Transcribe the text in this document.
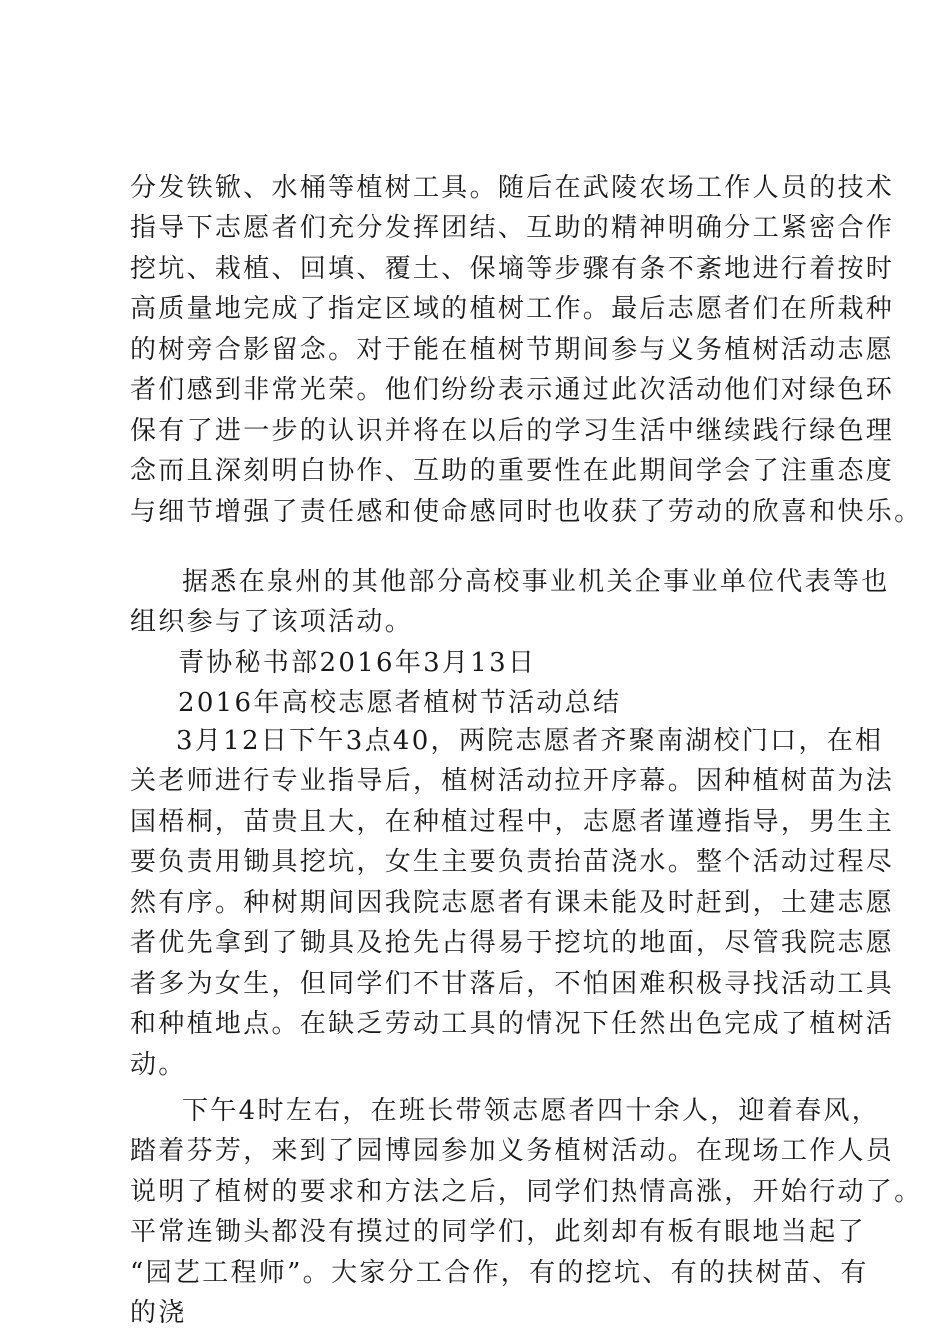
分发铁锨、水桶等植树工具。随后在武陵农场工作人员的技术
指导下志愿者们充分发挥团结、互助的精神明确分工紧密合作
挖坑、栽植、回填、覆土、保墒等步骤有条不紊地进行着按时
高质量地完成了指定区域的植树工作。最后志愿者们在所栽种
的树旁合影留念。对于能在植树节期间参与义务植树活动志愿
者们感到非常光荣。他们纷纷表示通过此次活动他们对绿色环
保有了进一步的认识并将在以后的学习生活中继续践行绿色理
念而且深刻明白协作、互助的重要性在此期间学会了注重态度
与细节增强了责任感和使命感同时也收获了劳动的欣喜和快乐。
据悉在泉州的其他部分高校事业机关企事业单位代表等也
组织参与了该项活动。
青协秘书部2016年3月13日
2016年高校志愿者植树节活动总结
3月12日下午3点40，两院志愿者齐聚南湖校门口，在相
关老师进行专业指导后，植树活动拉开序幕。因种植树苗为法
国梧桐，苗贵且大，在种植过程中，志愿者谨遵指导，男生主
要负责用锄具挖坑，女生主要负责抬苗浇水。整个活动过程尽
然有序。种树期间因我院志愿者有课未能及时赶到，土建志愿
者优先拿到了锄具及抢先占得易于挖坑的地面，尽管我院志愿
者多为女生，但同学们不甘落后，不怕困难积极寻找活动工具
和种植地点。在缺乏劳动工具的情况下任然出色完成了植树活
动。
下午4时左右，在班长带领志愿者四十余人，迎着春风，
踏着芬芳，来到了园博园参加义务植树活动。在现场工作人员
说明了植树的要求和方法之后，同学们热情高涨，开始行动了。
平常连锄头都没有摸过的同学们，此刻却有板有眼地当起了
“园艺工程师”。大家分工合作，有的挖坑、有的扶树苗、有
的浇
